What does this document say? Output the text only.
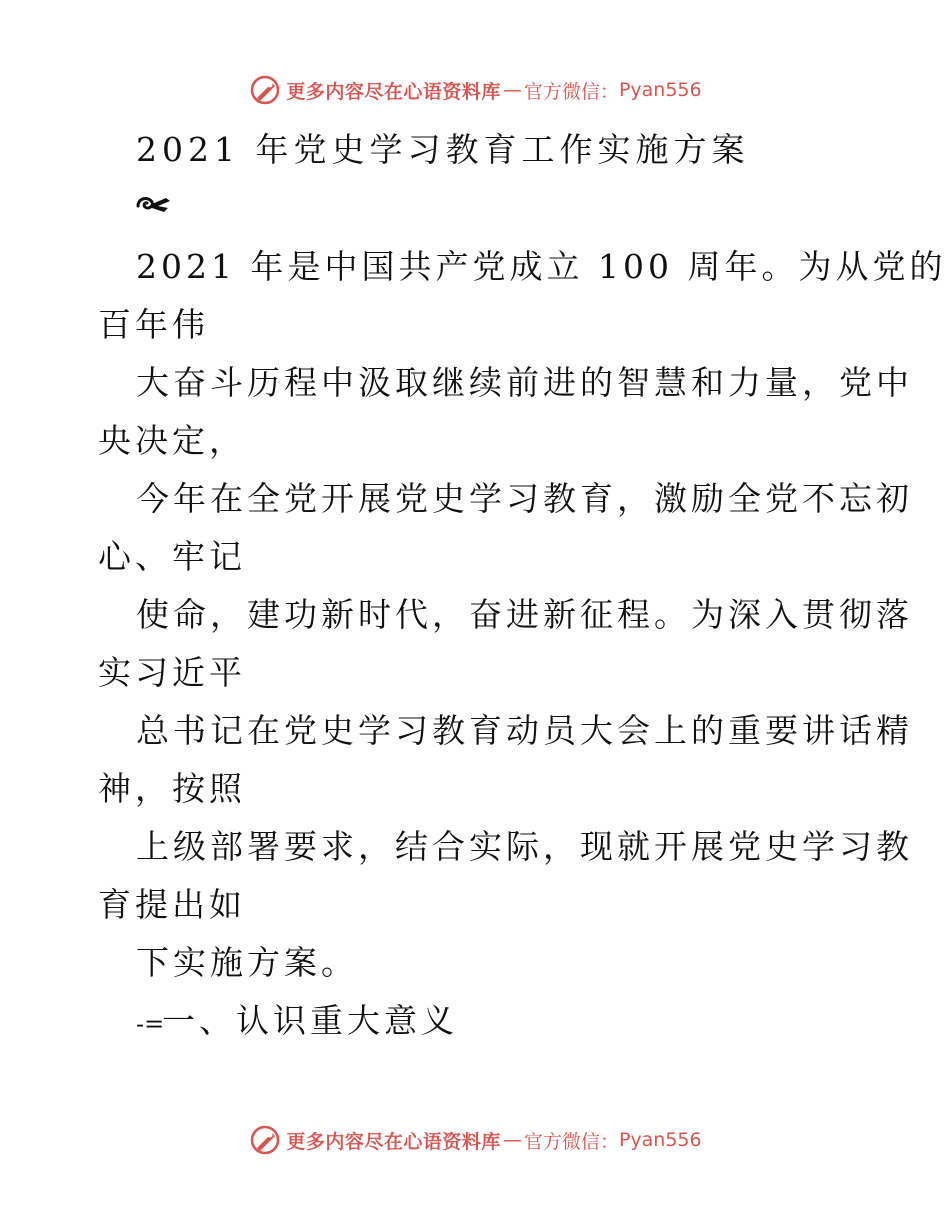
更多内容尽在心语资料库 — 官方微信： Pyan556
2021 年党史学习教育工作实施方案
2021 年是中国共产党成立 100 周年。为从党的
百年伟
大奋斗历程中汲取继续前进的智慧和力量，党中
央决定，
今年在全党开展党史学习教育，激励全党不忘初
心、牢记
使命，建功新时代，奋进新征程。为深入贯彻落
实习近平
总书记在党史学习教育动员大会上的重要讲话精
神，按照
上级部署要求，结合实际，现就开展党史学习教
育提出如
下实施方案。
-=一、认识重大意义
更多内容尽在心语资料库 — 官方微信： Pyan556
